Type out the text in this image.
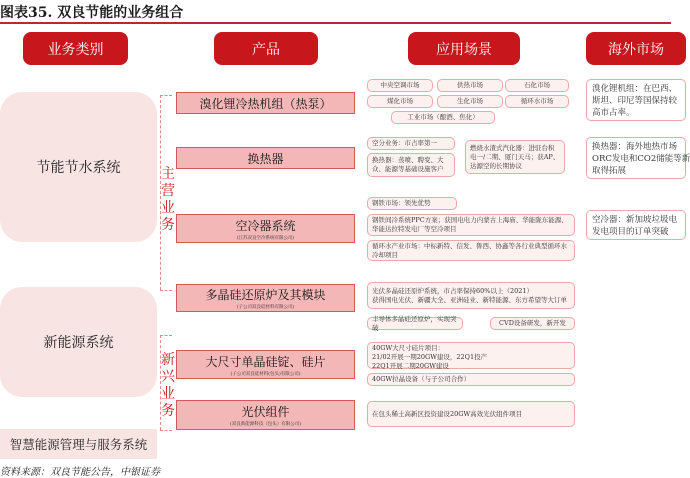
图表35. 双良节能的业务组合
业务类别	产品	应用场景	海外市场
节能节水系统
新能源系统
智慧能源管理与服务系统
主营业务
新兴业务
溴化锂冷热机组（热泵）
换热器
空冷器系统
(江苏双良空冷系统有限公司)
多晶硅还原炉及其模块
(子公司双良硅材料有限公司)
大尺寸单晶硅锭、硅片
(子公司双良硅材料(包头)有限公司)
光伏组件
(双良新能源科技（包头）有限公司)
中央空调市场	供热市场	石化市场
煤化市场	生化市场	循环水市场
工业市场（酿酒、焦化）
空分业务：市占率第一
换热器：蒸喷、聘变、大众、能源等基础设施客户
燃烧水渣式汽化器：进驻台积电一/二期、厦门天马；获AP、达源空的长期协议
钢铁市场：领先优势
钢铁间冷系统PPC方案；获国电电力内蒙古上海庙、华能陇东能源、华能达拉特发电厂等空冷项目
循环水产业市场：中标新特、信发、鲁西、协鑫等各行业典型循环水冷却项目
光伏多晶硅还原炉系统，市占率保持60%以上（2021）
获得国电光伏、新疆大全、亚洲硅业、新特能源、东方希望等大订单
丰导体多晶硅还原炉，实现突破
CVD设备研发，新开发
40GW大尺寸硅片项目：
21/02开展一期20GW建设，22Q1投产
22Q1开展二期20GW建设
40GW拉晶设备（与子公司合作）
在包头稀土高新区投资建设20GW高效光伏组件项目
溴化锂机组：在巴西、
斯坦、印尼等国保持较
高市占率。
换热器：海外地热市场
ORC发电和CO2储能等新
取得拓展
空冷器：新加坡垃圾电
发电项目的订单突破
资料来源：双良节能公告，中银证券
